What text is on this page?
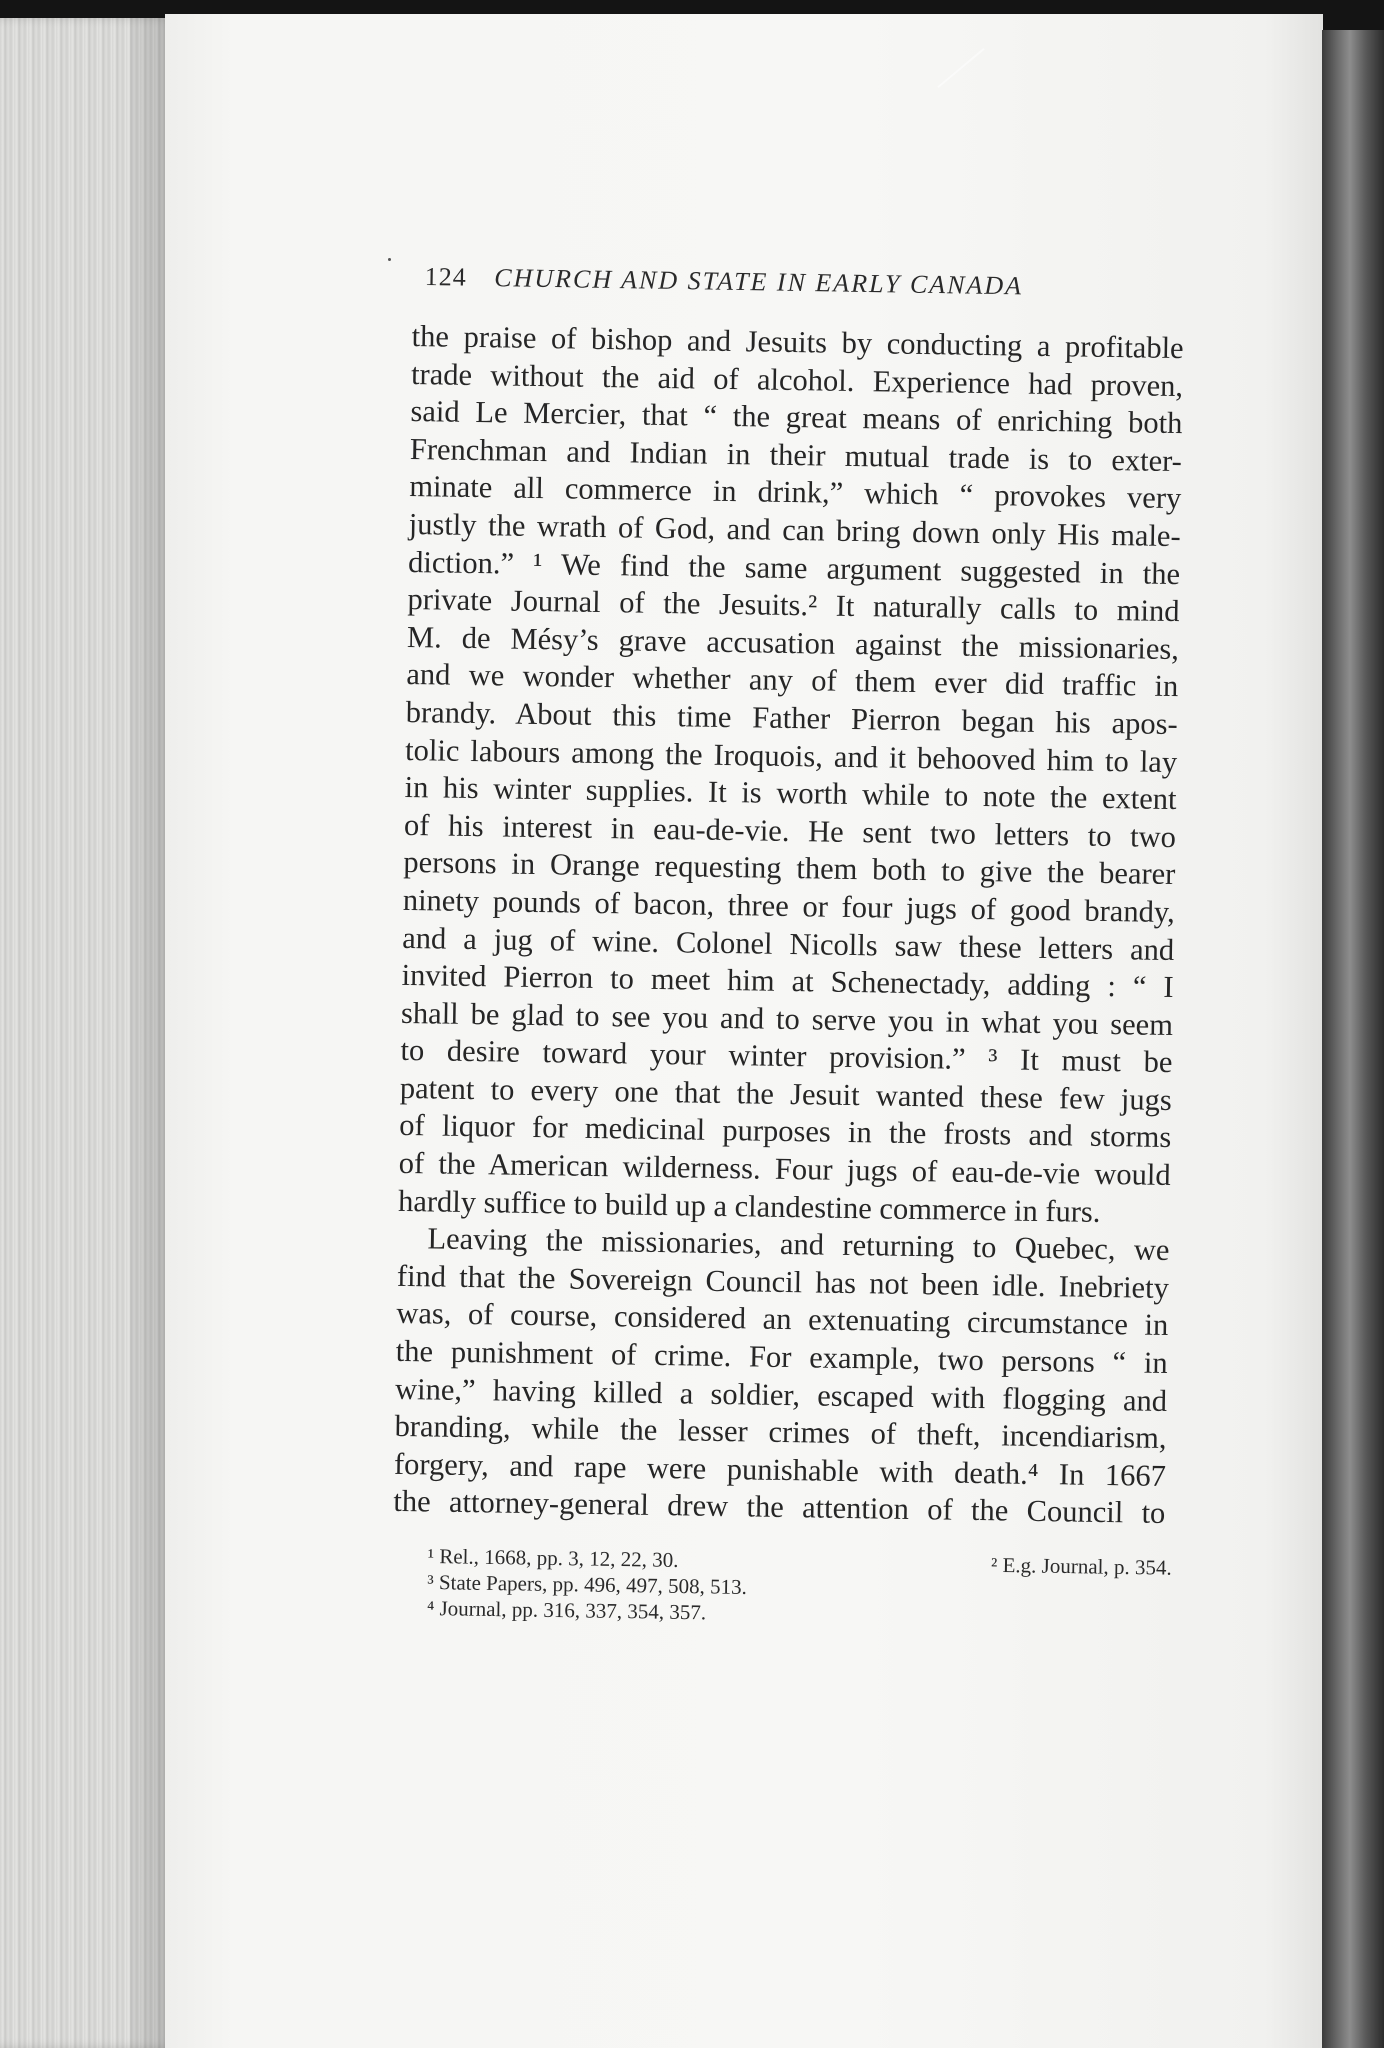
124 CHURCH AND STATE IN EARLY CANADA
the praise of bishop and Jesuits by conducting a profitable
trade without the aid of alcohol. Experience had proven,
said Le Mercier, that “ the great means of enriching both
Frenchman and Indian in their mutual trade is to exter-
minate all commerce in drink,” which “ provokes very
justly the wrath of God, and can bring down only His male-
diction.” ¹ We find the same argument suggested in the
private Journal of the Jesuits.² It naturally calls to mind
M. de Mésy’s grave accusation against the missionaries,
and we wonder whether any of them ever did traffic in
brandy. About this time Father Pierron began his apos-
tolic labours among the Iroquois, and it behooved him to lay
in his winter supplies. It is worth while to note the extent
of his interest in eau-de-vie. He sent two letters to two
persons in Orange requesting them both to give the bearer
ninety pounds of bacon, three or four jugs of good brandy,
and a jug of wine. Colonel Nicolls saw these letters and
invited Pierron to meet him at Schenectady, adding : “ I
shall be glad to see you and to serve you in what you seem
to desire toward your winter provision.” ³ It must be
patent to every one that the Jesuit wanted these few jugs
of liquor for medicinal purposes in the frosts and storms
of the American wilderness. Four jugs of eau-de-vie would
hardly suffice to build up a clandestine commerce in furs.
Leaving the missionaries, and returning to Quebec, we
find that the Sovereign Council has not been idle. Inebriety
was, of course, considered an extenuating circumstance in
the punishment of crime. For example, two persons “ in
wine,” having killed a soldier, escaped with flogging and
branding, while the lesser crimes of theft, incendiarism,
forgery, and rape were punishable with death.⁴ In 1667
the attorney-general drew the attention of the Council to
¹ Rel., 1668, pp. 3, 12, 22, 30.	² E.g. Journal, p. 354.
³ State Papers, pp. 496, 497, 508, 513.
⁴ Journal, pp. 316, 337, 354, 357.
